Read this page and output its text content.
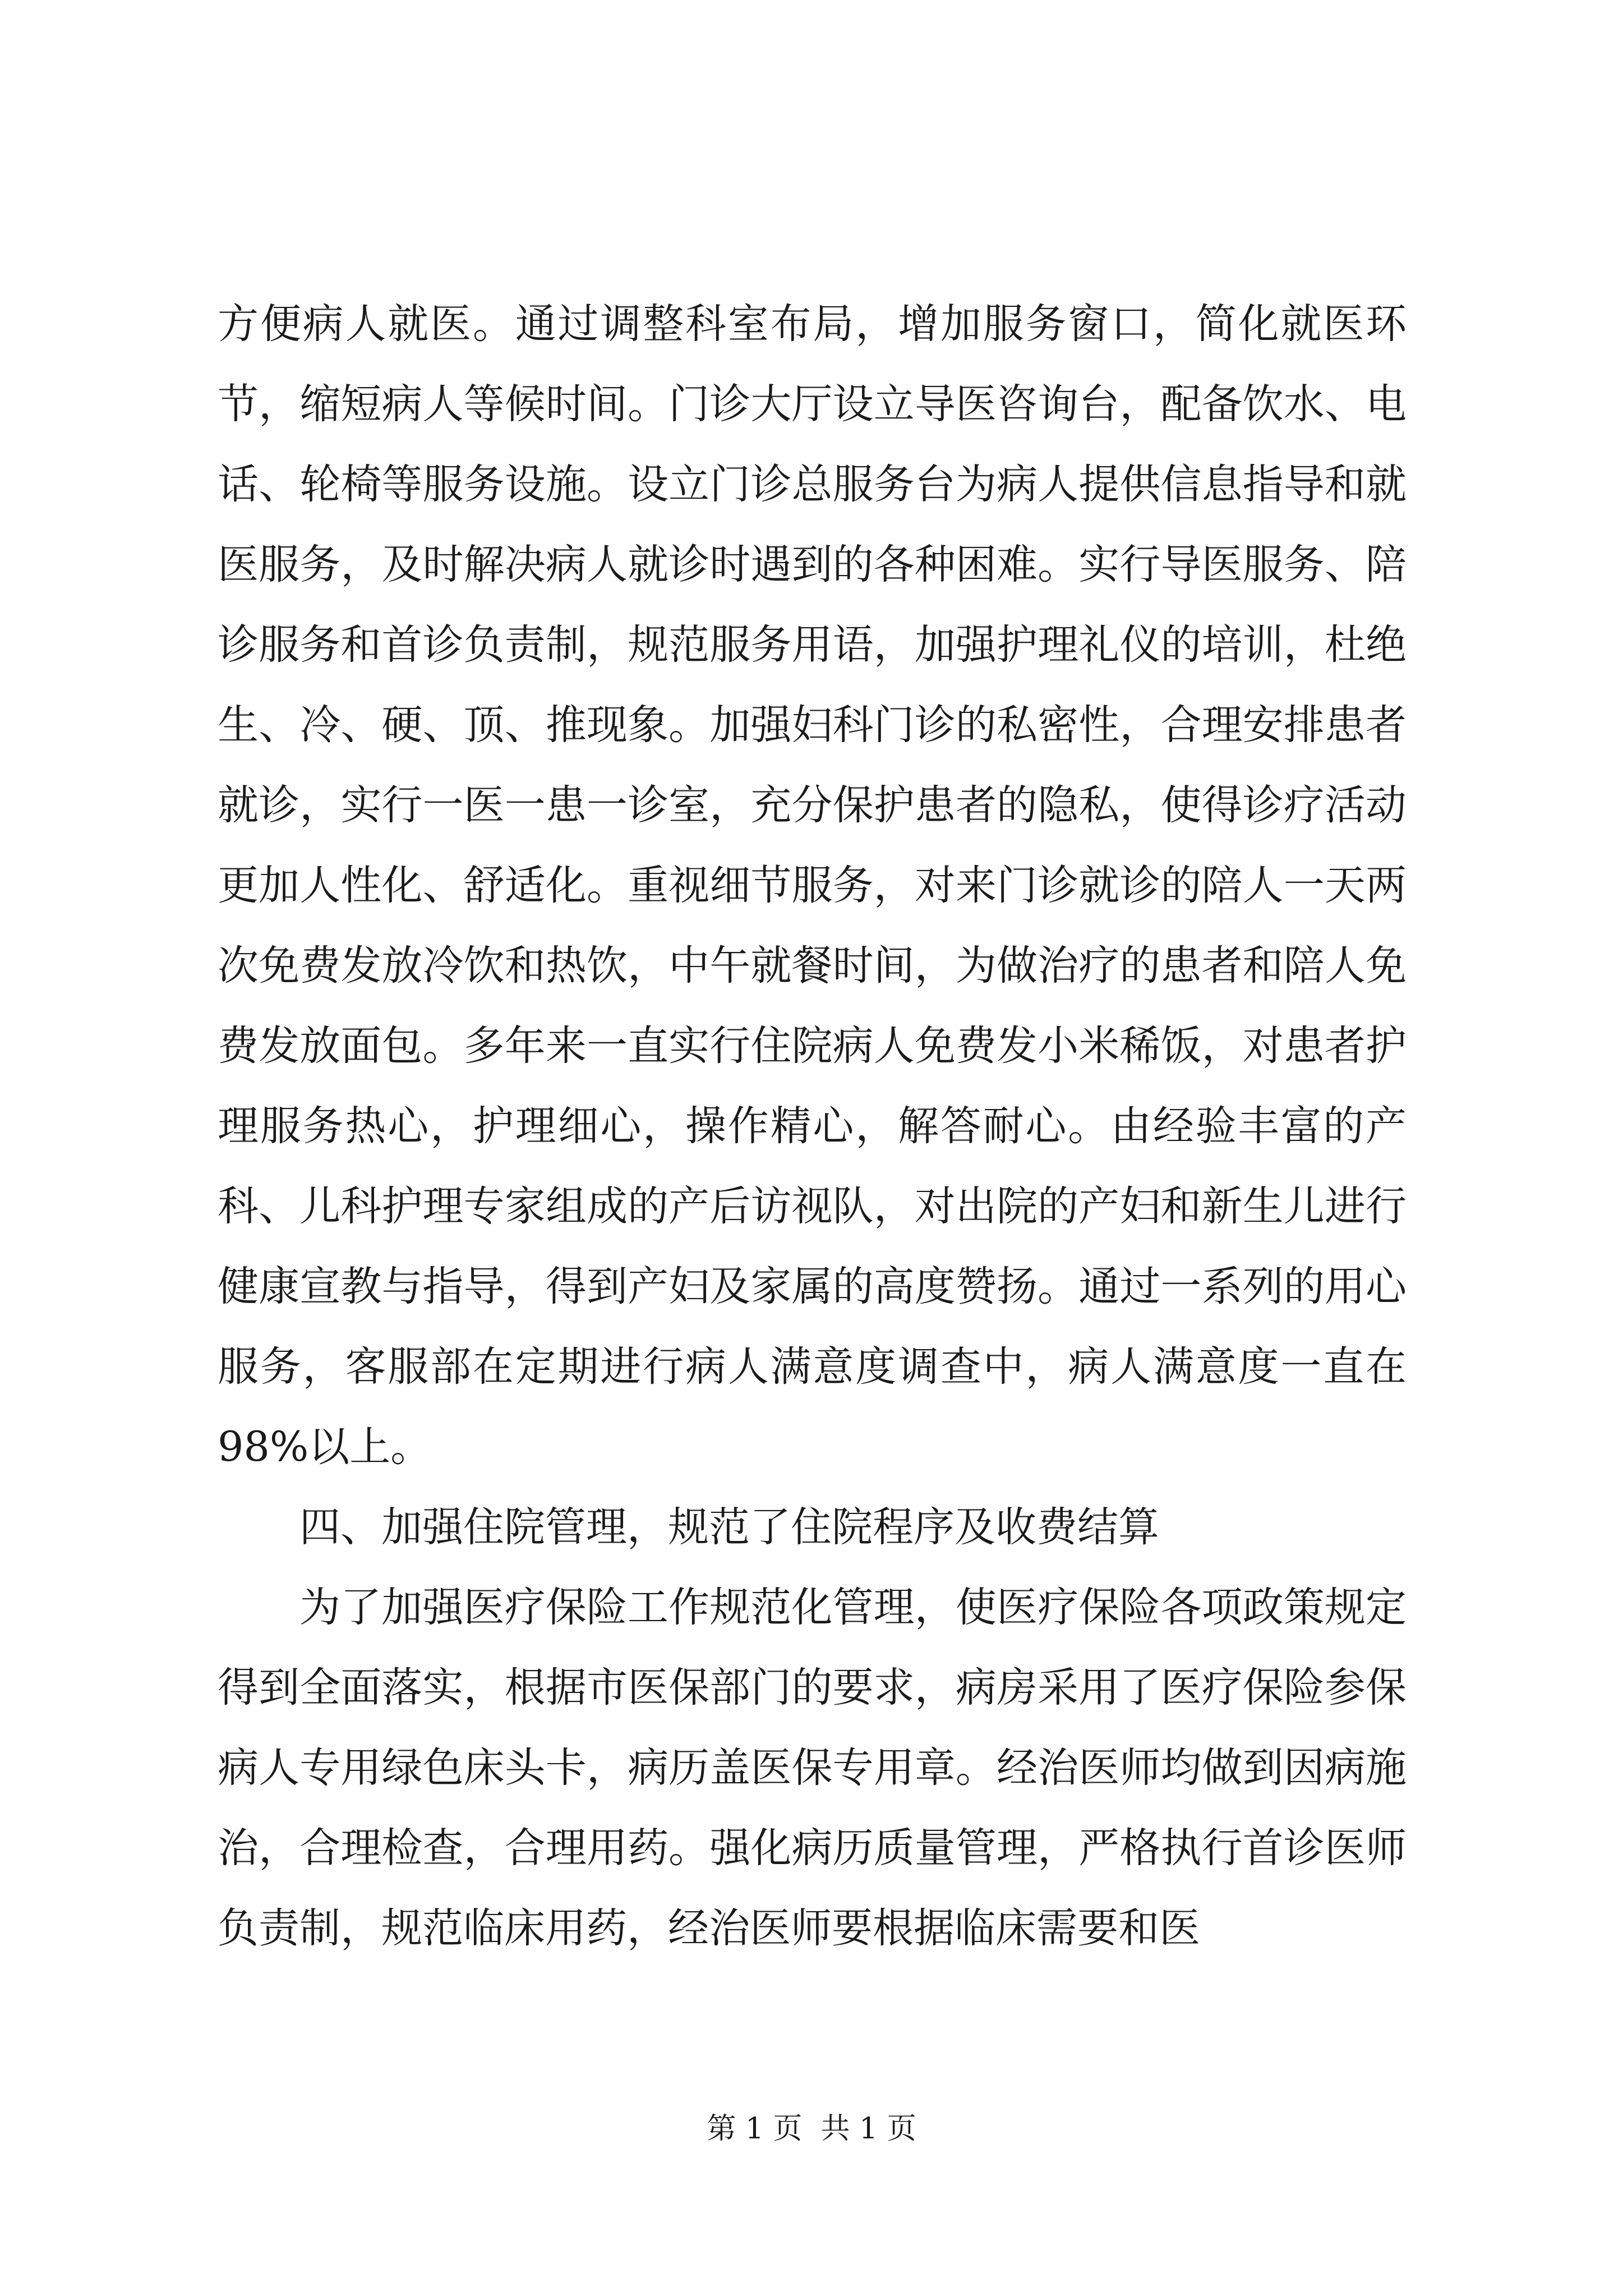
方便病人就医。通过调整科室布局，增加服务窗口，简化就医环节，缩短病人等候时间。门诊大厅设立导医咨询台，配备饮水、电话、轮椅等服务设施。设立门诊总服务台为病人提供信息指导和就医服务，及时解决病人就诊时遇到的各种困难。实行导医服务、陪诊服务和首诊负责制，规范服务用语，加强护理礼仪的培训，杜绝生、冷、硬、顶、推现象。加强妇科门诊的私密性，合理安排患者就诊，实行一医一患一诊室，充分保护患者的隐私，使得诊疗活动更加人性化、舒适化。重视细节服务，对来门诊就诊的陪人一天两次免费发放冷饮和热饮，中午就餐时间，为做治疗的患者和陪人免费发放面包。多年来一直实行住院病人免费发小米稀饭，对患者护理服务热心，护理细心，操作精心，解答耐心。由经验丰富的产科、儿科护理专家组成的产后访视队，对出院的产妇和新生儿进行健康宣教与指导，得到产妇及家属的高度赞扬。通过一系列的用心服务，客服部在定期进行病人满意度调查中，病人满意度一直在98%以上。

四、加强住院管理，规范了住院程序及收费结算

为了加强医疗保险工作规范化管理，使医疗保险各项政策规定得到全面落实，根据市医保部门的要求，病房采用了医疗保险参保病人专用绿色床头卡，病历盖医保专用章。经治医师均做到因病施治，合理检查，合理用药。强化病历质量管理，严格执行首诊医师负责制，规范临床用药，经治医师要根据临床需要和医

第 1 页  共 1 页
